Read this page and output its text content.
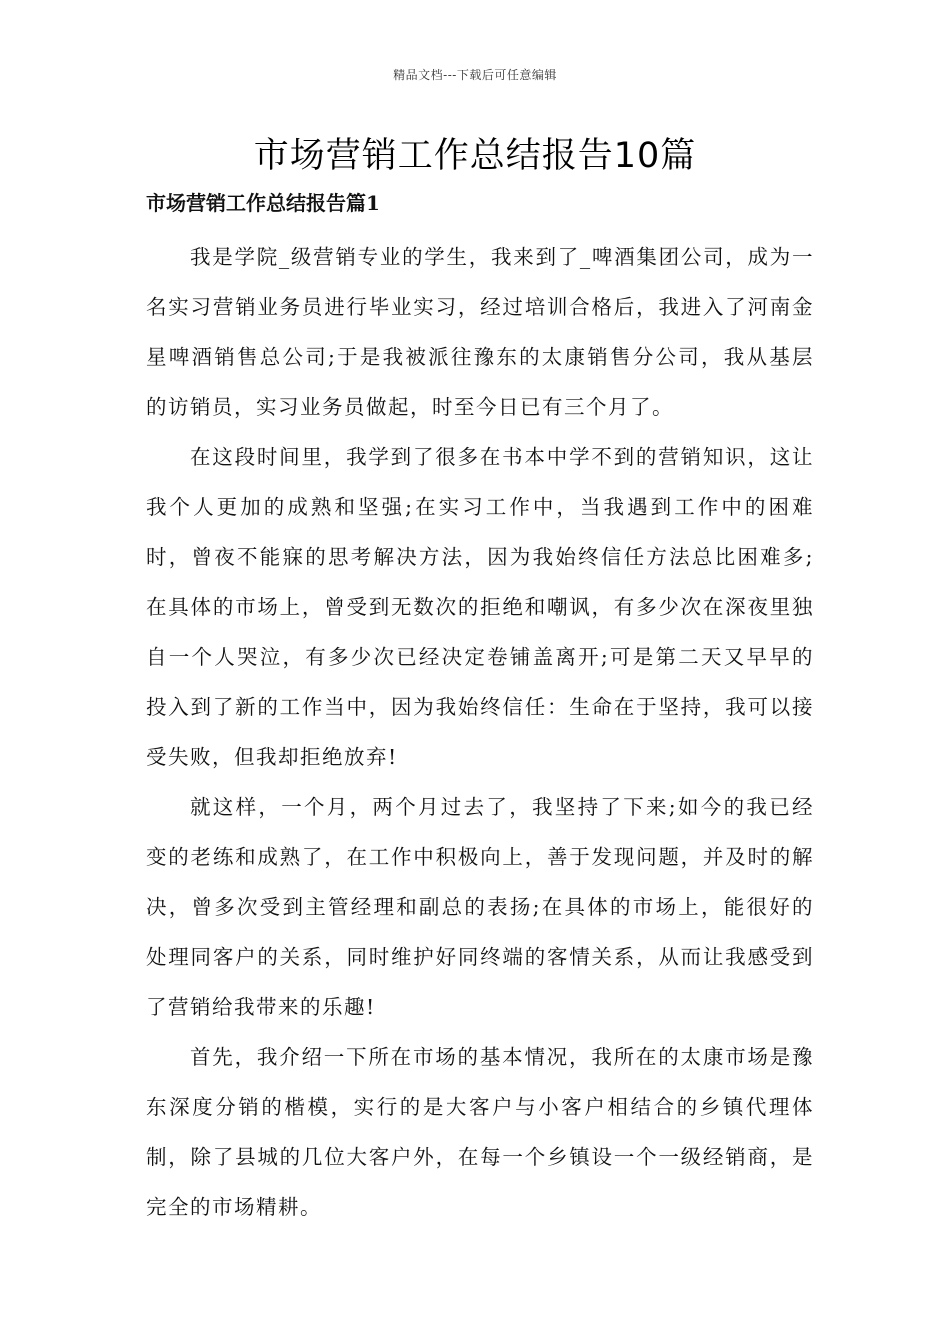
精品文档---下载后可任意编辑
市场营销工作总结报告10篇
市场营销工作总结报告篇1

我是学院_级营销专业的学生，我来到了_啤酒集团公司，成为一名实习营销业务员进行毕业实习，经过培训合格后，我进入了河南金星啤酒销售总公司;于是我被派往豫东的太康销售分公司，我从基层的访销员，实习业务员做起，时至今日已有三个月了。

在这段时间里，我学到了很多在书本中学不到的营销知识，这让我个人更加的成熟和坚强;在实习工作中，当我遇到工作中的困难时，曾夜不能寐的思考解决方法，因为我始终信任方法总比困难多;在具体的市场上，曾受到无数次的拒绝和嘲讽，有多少次在深夜里独自一个人哭泣，有多少次已经决定卷铺盖离开;可是第二天又早早的投入到了新的工作当中，因为我始终信任：生命在于坚持，我可以接受失败，但我却拒绝放弃!

就这样，一个月，两个月过去了，我坚持了下来;如今的我已经变的老练和成熟了，在工作中积极向上，善于发现问题，并及时的解决，曾多次受到主管经理和副总的表扬;在具体的市场上，能很好的处理同客户的关系，同时维护好同终端的客情关系，从而让我感受到了营销给我带来的乐趣!

首先，我介绍一下所在市场的基本情况，我所在的太康市场是豫东深度分销的楷模，实行的是大客户与小客户相结合的乡镇代理体制，除了县城的几位大客户外，在每一个乡镇设一个一级经销商，是完全的市场精耕。
